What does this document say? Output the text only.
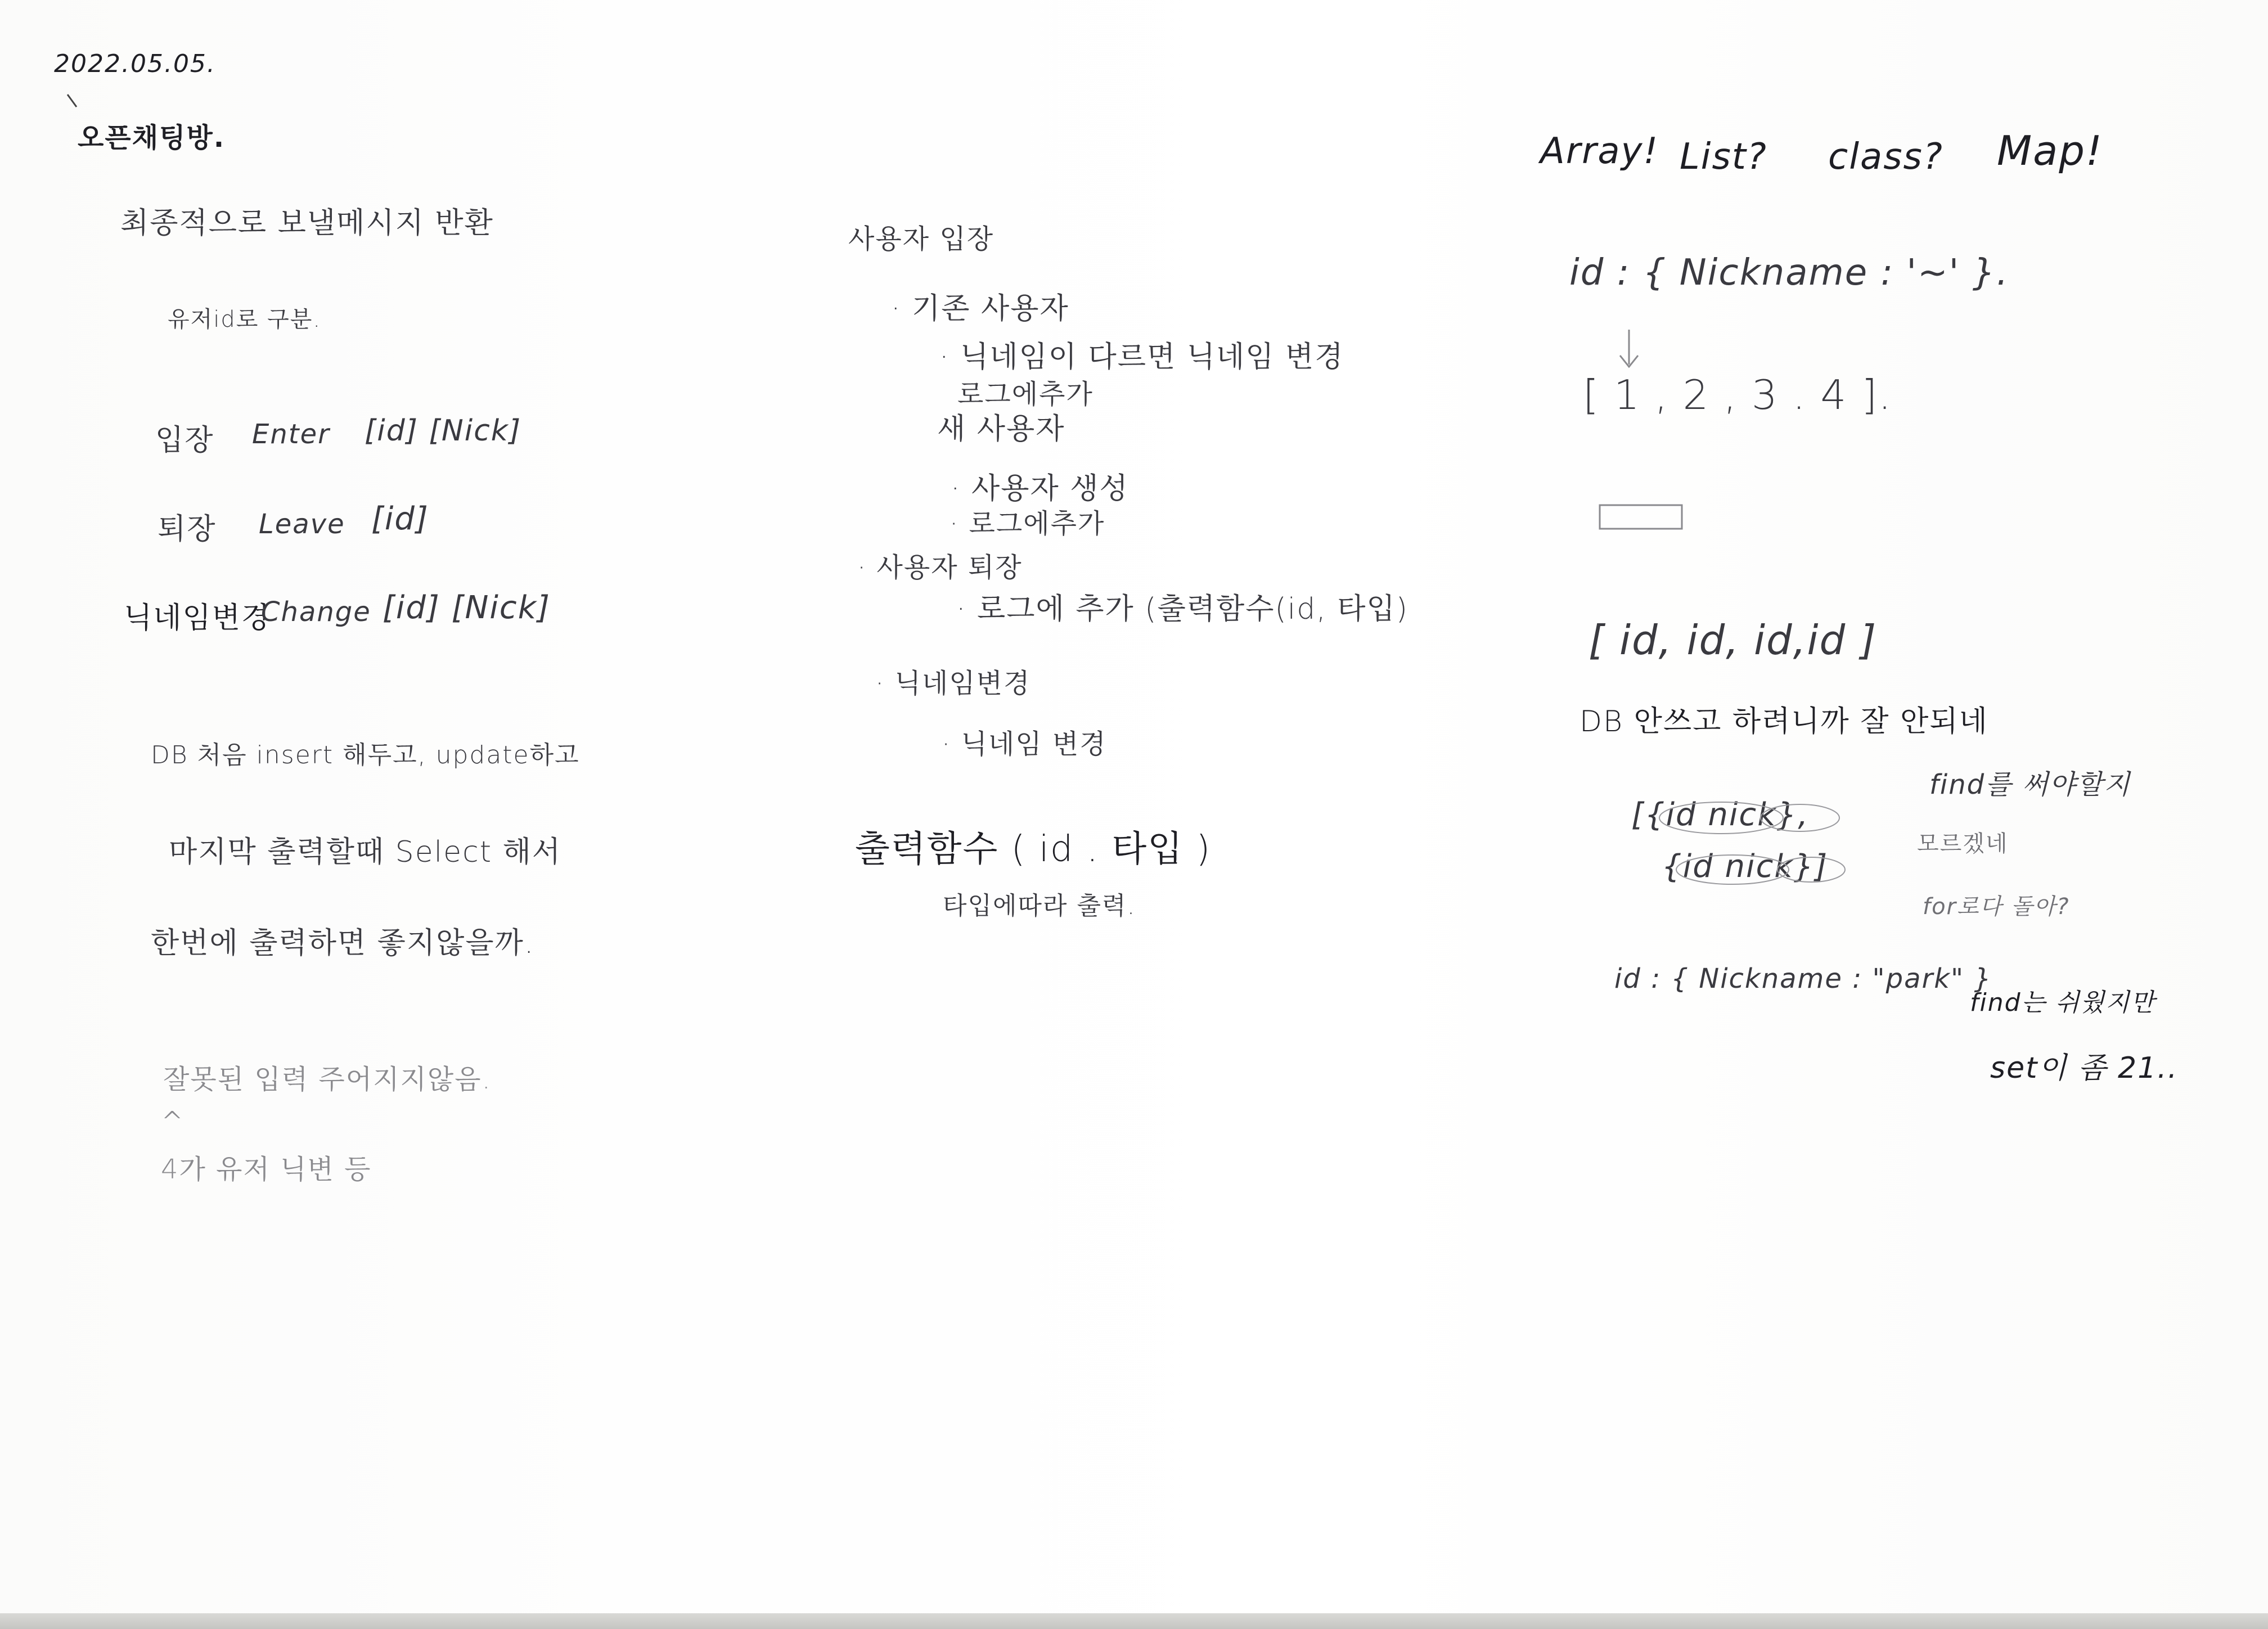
2022.05.05.
오픈채팅방.
최종적으로 보낼메시지 반환
유저id로 구분.
입장 Enter [id] [Nick]
퇴장 Leave [id]
닉네임변경
Change [id] [Nick]
DB 처음 insert 해두고, update하고
마지막 출력할때 Select 해서
한번에 출력하면 좋지않을까.
잘못된 입력 주어지지않음.
^
4가 유저 닉변 등
사용자 입장
· 기존 사용자
· 닉네임이 다르면 닉네임 변경
로그에추가
새 사용자
· 사용자 생성
· 로그에추가
· 사용자 퇴장
· 로그에 추가 (출력함수(id, 타입)
· 닉네임변경
· 닉네임 변경
출력함수 ( id . 타입 )
타입에따라 출력.
Array! List? class? Map!
id : { Nickname : '~' }.
[ 1 , 2 , 3 . 4 ].
[ id, id, id,id ]
DB 안쓰고 하려니까 잘 안되네
[{id nick},
{id nick}]
find를 써야할지
모르겠네
for로다 돌아?
id : { Nickname : "park" }
find는 쉬웠지만
set이 좀 21..
